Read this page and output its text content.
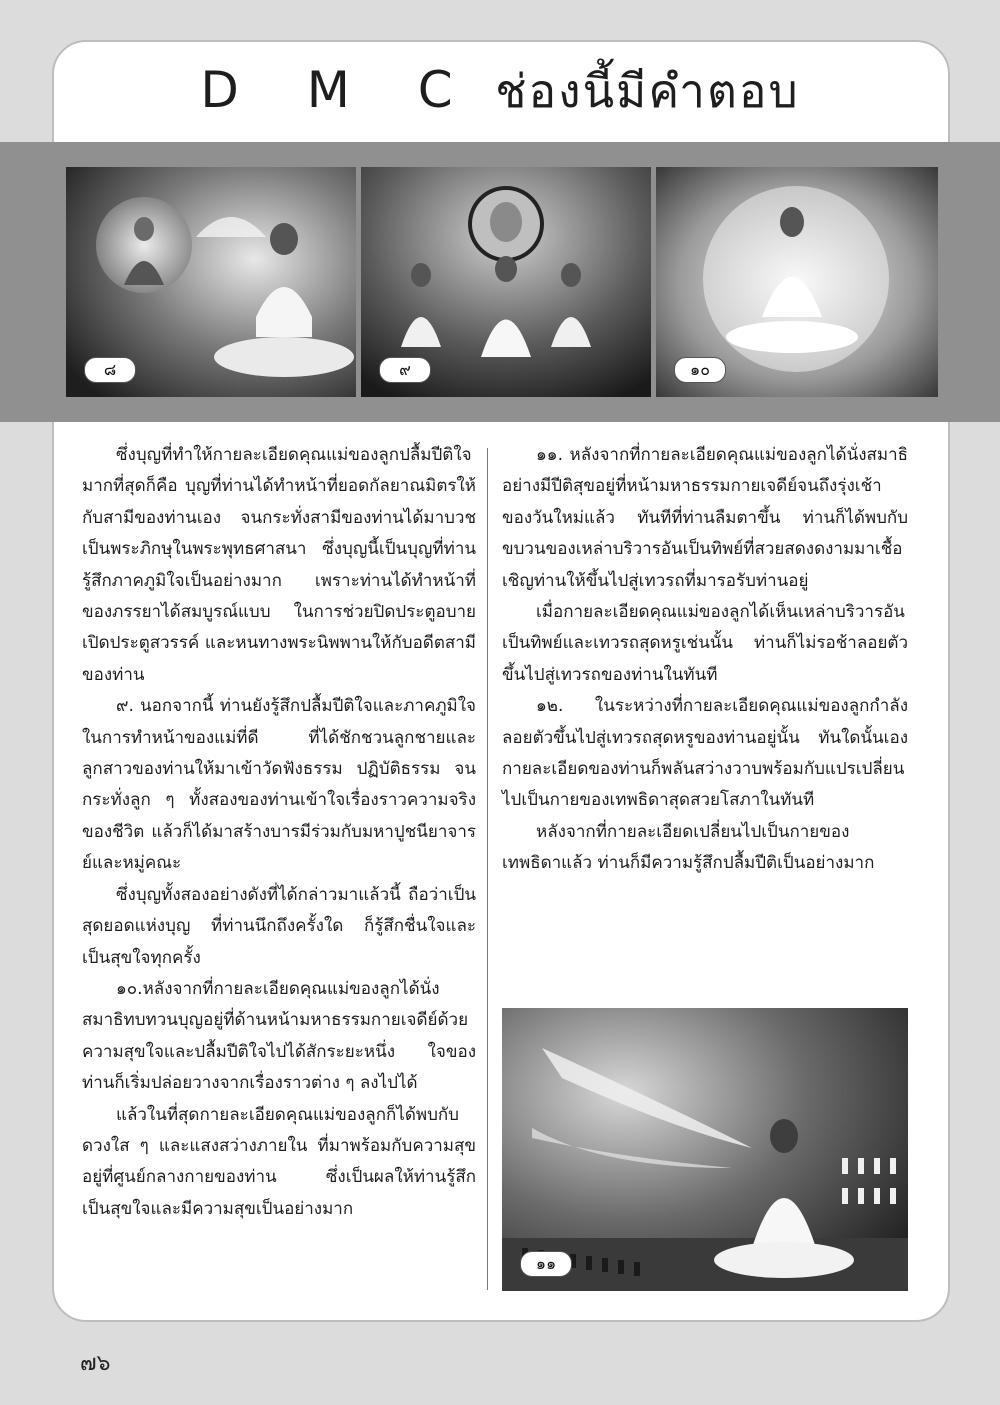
D M C ช่องนี้มีคำตอบ
๘	๙	๑๐

ซึ่งบุญที่ทำให้กายละเอียดคุณแม่ของลูกปลื้มปีติใจมากที่สุดก็คือ บุญที่ท่านได้ทำหน้าที่ยอดกัลยาณมิตรให้กับสามีของท่านเอง จนกระทั่งสามีของท่านได้มาบวชเป็นพระภิกษุในพระพุทธศาสนา ซึ่งบุญนี้เป็นบุญที่ท่านรู้สึกภาคภูมิใจเป็นอย่างมาก เพราะท่านได้ทำหน้าที่ของภรรยาได้สมบูรณ์แบบ ในการช่วยปิดประตูอบาย เปิดประตูสวรรค์ และหนทางพระนิพพานให้กับอดีตสามีของท่าน

๙. นอกจากนี้ ท่านยังรู้สึกปลื้มปีติใจและภาคภูมิใจในการทำหน้าของแม่ที่ดี ที่ได้ชักชวนลูกชายและลูกสาวของท่านให้มาเข้าวัดฟังธรรม ปฏิบัติธรรม จนกระทั่งลูก ๆ ทั้งสองของท่านเข้าใจเรื่องราวความจริงของชีวิต แล้วก็ได้มาสร้างบารมีร่วมกับมหาปูชนียาจารย์และหมู่คณะ

ซึ่งบุญทั้งสองอย่างดังที่ได้กล่าวมาแล้วนี้ ถือว่าเป็นสุดยอดแห่งบุญ ที่ท่านนึกถึงครั้งใด ก็รู้สึกชื่นใจและเป็นสุขใจทุกครั้ง

๑๐.หลังจากที่กายละเอียดคุณแม่ของลูกได้นั่งสมาธิทบทวนบุญอยู่ที่ด้านหน้ามหาธรรมกายเจดีย์ด้วยความสุขใจและปลื้มปีติใจไปได้สักระยะหนึ่ง ใจของท่านก็เริ่มปล่อยวางจากเรื่องราวต่าง ๆ ลงไปได้

แล้วในที่สุดกายละเอียดคุณแม่ของลูกก็ได้พบกับดวงใส ๆ และแสงสว่างภายใน ที่มาพร้อมกับความสุขอยู่ที่ศูนย์กลางกายของท่าน ซึ่งเป็นผลให้ท่านรู้สึกเป็นสุขใจและมีความสุขเป็นอย่างมาก

๑๑. หลังจากที่กายละเอียดคุณแม่ของลูกได้นั่งสมาธิอย่างมีปีติสุขอยู่ที่หน้ามหาธรรมกายเจดีย์จนถึงรุ่งเช้าของวันใหม่แล้ว ทันทีที่ท่านลืมตาขึ้น ท่านก็ได้พบกับขบวนของเหล่าบริวารอันเป็นทิพย์ที่สวยสดงดงามมาเชื้อเชิญท่านให้ขึ้นไปสู่เทวรถที่มารอรับท่านอยู่

เมื่อกายละเอียดคุณแม่ของลูกได้เห็นเหล่าบริวารอันเป็นทิพย์และเทวรถสุดหรูเช่นนั้น ท่านก็ไม่รอช้าลอยตัวขึ้นไปสู่เทวรถของท่านในทันที

๑๒. ในระหว่างที่กายละเอียดคุณแม่ของลูกกำลังลอยตัวขึ้นไปสู่เทวรถสุดหรูของท่านอยู่นั้น ทันใดนั้นเองกายละเอียดของท่านก็พลันสว่างวาบพร้อมกับแปรเปลี่ยนไปเป็นกายของเทพธิดาสุดสวยโสภาในทันที

หลังจากที่กายละเอียดเปลี่ยนไปเป็นกายของเทพธิดาแล้ว ท่านก็มีความรู้สึกปลื้มปีติเป็นอย่างมาก

๑๑
๗๖
